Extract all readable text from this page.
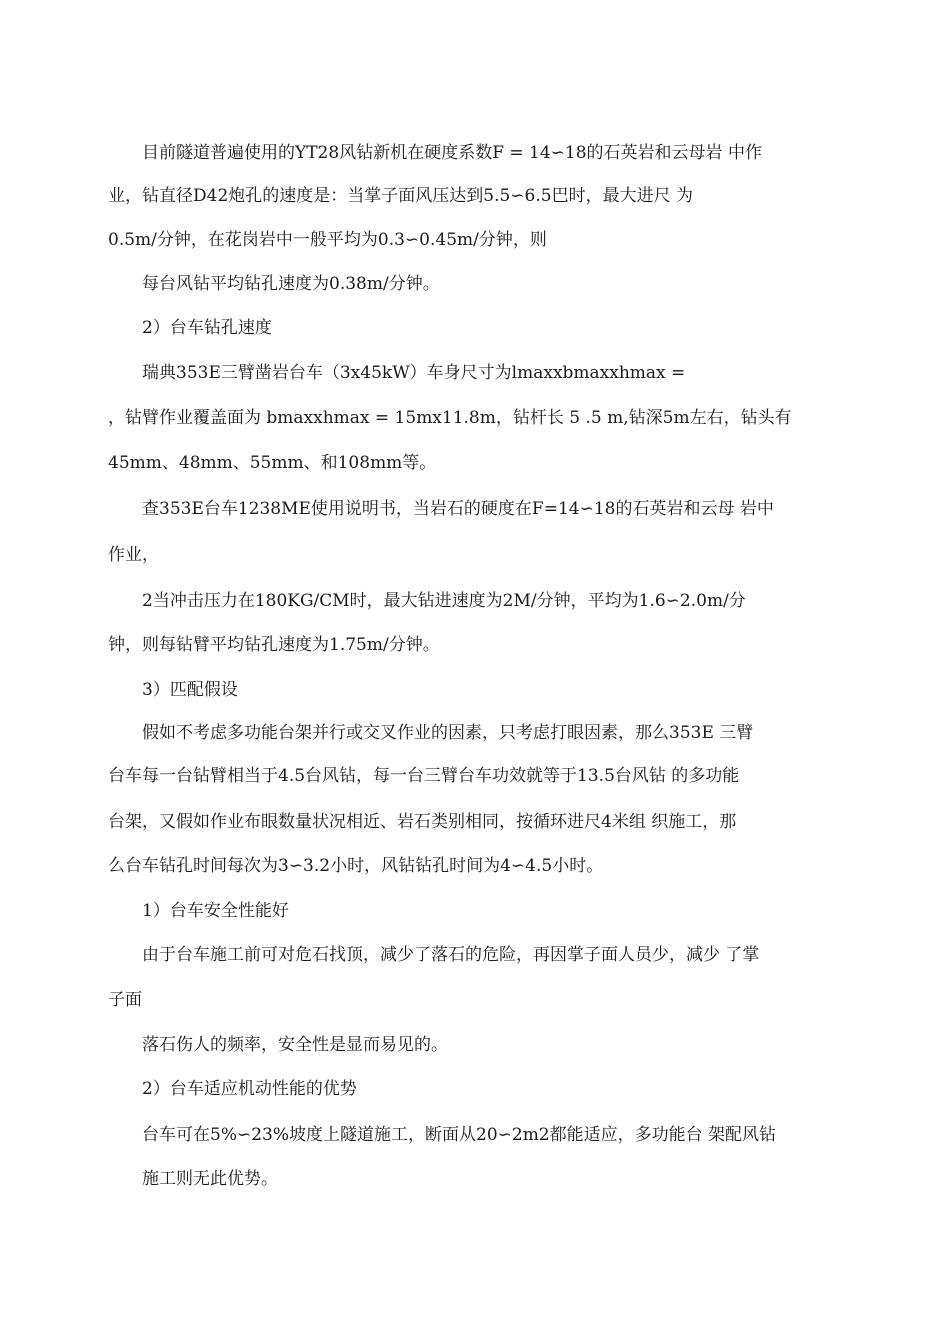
目前隧道普遍使用的YT28风钻新机在硬度系数F = 14∽18的石英岩和云母岩 中作

业，钻直径D42炮孔的速度是：当掌子面风压达到5.5∽6.5巴时，最大进尺 为

0.5m/分钟，在花岗岩中一般平均为0.3∽0.45m/分钟，则

每台风钻平均钻孔速度为0.38m/分钟。

2）台车钻孔速度

瑞典353E三臂凿岩台车（3x45kW）车身尺寸为lmaxxbmaxxhmax =

，钻臂作业覆盖面为 bmaxxhmax = 15mx11.8m，钻杆长 5 .5 m,钻深5m左右，钻头有

45mm、48mm、55mm、和108mm等。

查353E台车1238ME使用说明书，当岩石的硬度在F=14∽18的石英岩和云母 岩中

作业，

2当冲击压力在180KG/CM时，最大钻进速度为2M/分钟，平均为1.6∽2.0m/分

钟，则每钻臂平均钻孔速度为1.75m/分钟。

3）匹配假设

假如不考虑多功能台架并行或交叉作业的因素，只考虑打眼因素，那么353E 三臂

台车每一台钻臂相当于4.5台风钻，每一台三臂台车功效就等于13.5台风钻 的多功能

台架，又假如作业布眼数量状况相近、岩石类别相同，按循环进尺4米组 织施工，那

么台车钻孔时间每次为3∽3.2小时，风钻钻孔时间为4∽4.5小时。

1）台车安全性能好

由于台车施工前可对危石找顶，减少了落石的危险，再因掌子面人员少，减少 了掌

子面

落石伤人的频率，安全性是显而易见的。

2）台车适应机动性能的优势

台车可在5%∽23%坡度上隧道施工，断面从20∽2m2都能适应，多功能台 架配风钻

施工则无此优势。
